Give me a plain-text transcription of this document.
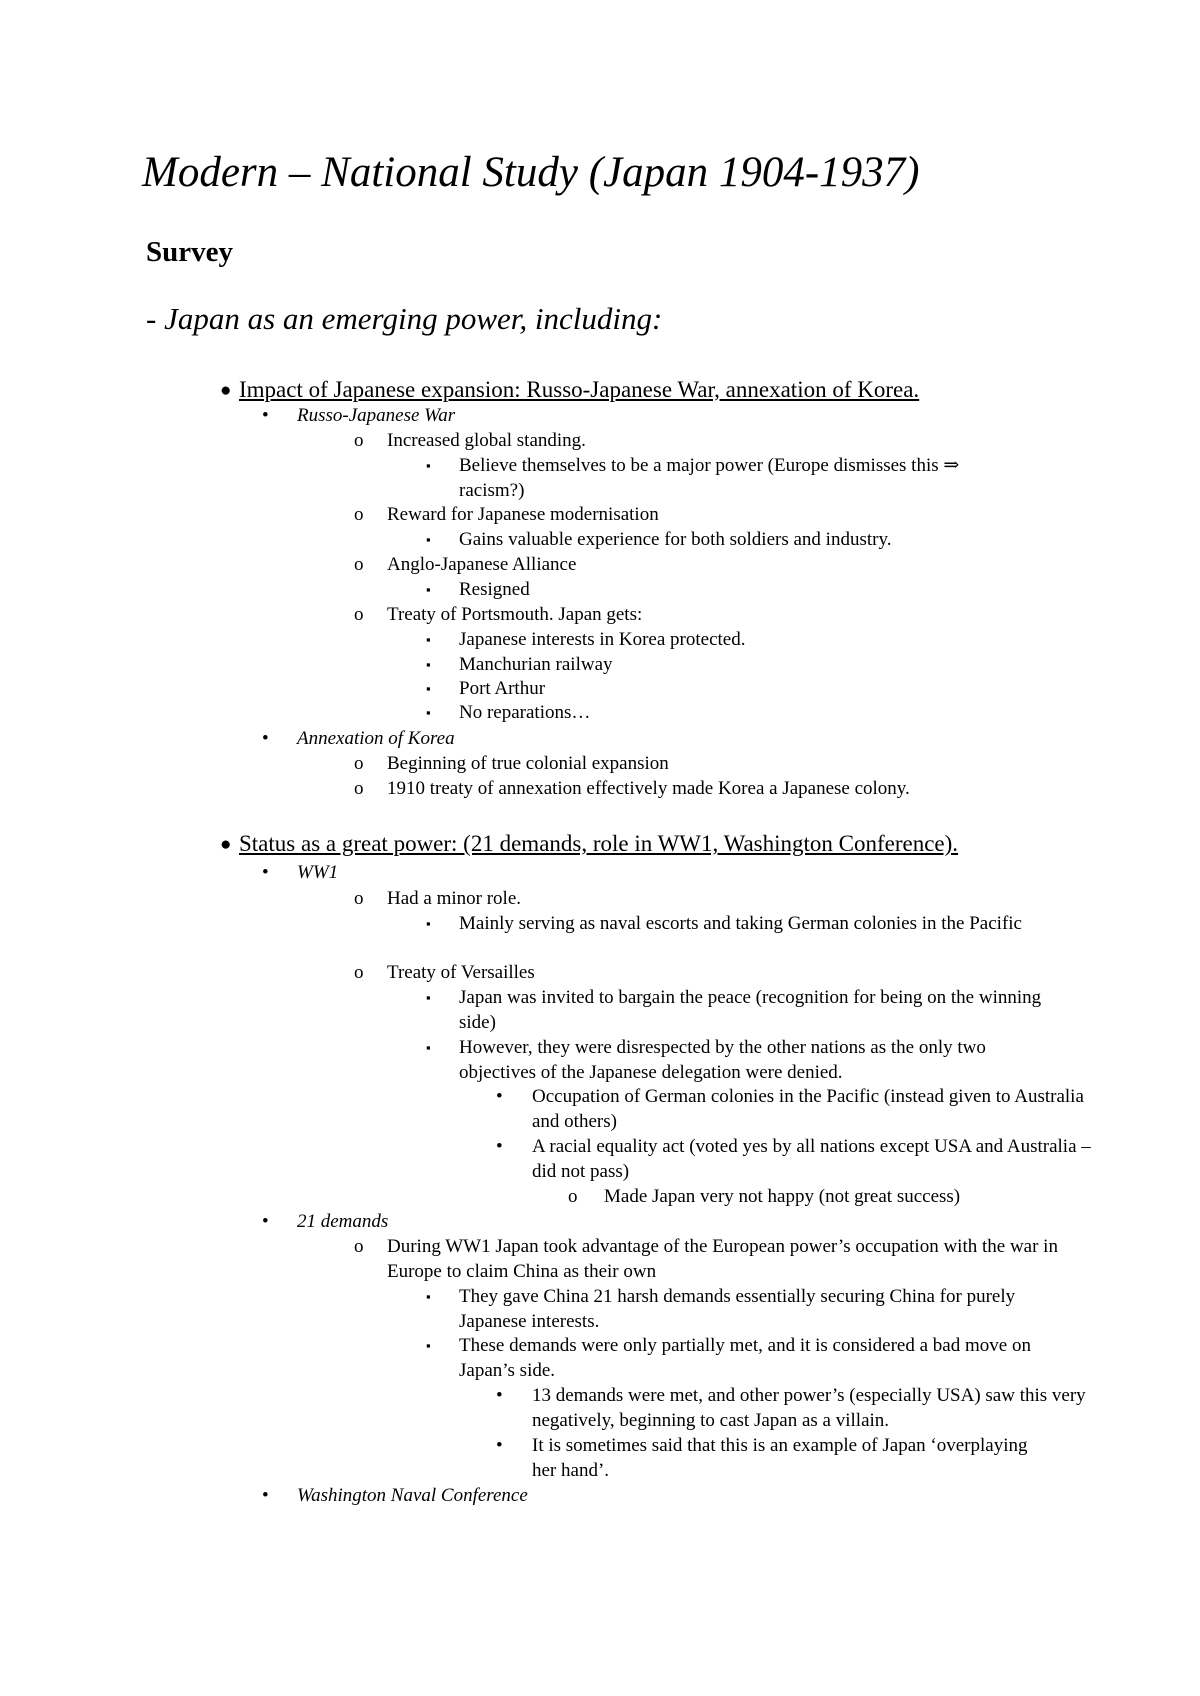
Modern – National Study (Japan 1904-1937)
Survey
- Japan as an emerging power, including:
● Impact of Japanese expansion: Russo-Japanese War, annexation of Korea.
• Russo-Japanese War
o Increased global standing.
▪ Believe themselves to be a major power (Europe dismisses this ⇒ racism?)
o Reward for Japanese modernisation
▪ Gains valuable experience for both soldiers and industry.
o Anglo-Japanese Alliance
▪ Resigned
o Treaty of Portsmouth. Japan gets:
▪ Japanese interests in Korea protected.
▪ Manchurian railway
▪ Port Arthur
▪ No reparations…
• Annexation of Korea
o Beginning of true colonial expansion
o 1910 treaty of annexation effectively made Korea a Japanese colony.
● Status as a great power: (21 demands, role in WW1, Washington Conference).
• WW1
o Had a minor role.
▪ Mainly serving as naval escorts and taking German colonies in the Pacific
o Treaty of Versailles
▪ Japan was invited to bargain the peace (recognition for being on the winning side)
▪ However, they were disrespected by the other nations as the only two objectives of the Japanese delegation were denied.
• Occupation of German colonies in the Pacific (instead given to Australia and others)
• A racial equality act (voted yes by all nations except USA and Australia – did not pass)
o Made Japan very not happy (not great success)
• 21 demands
o During WW1 Japan took advantage of the European power’s occupation with the war in Europe to claim China as their own
▪ They gave China 21 harsh demands essentially securing China for purely Japanese interests.
▪ These demands were only partially met, and it is considered a bad move on Japan’s side.
• 13 demands were met, and other power’s (especially USA) saw this very negatively, beginning to cast Japan as a villain.
• It is sometimes said that this is an example of Japan ‘overplaying her hand’.
• Washington Naval Conference
